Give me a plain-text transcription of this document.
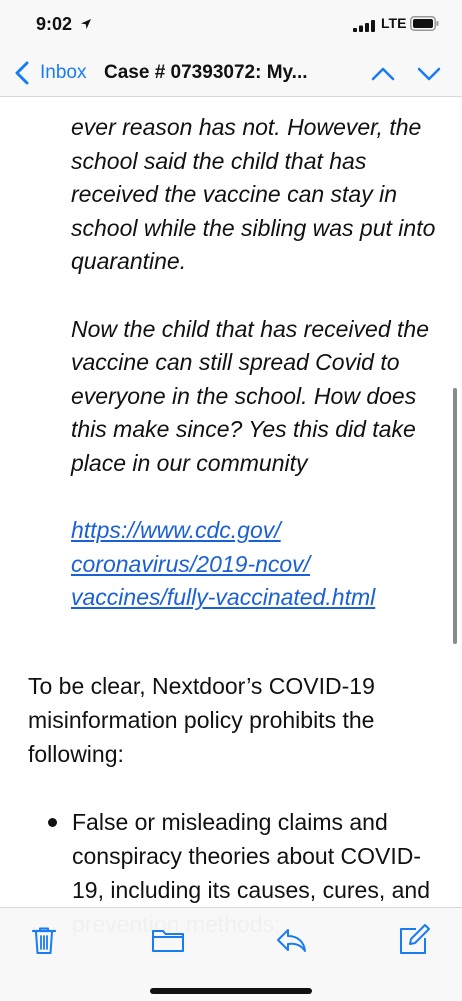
9:02	LTE
Inbox Case # 07393072: My...

ever reason has not. However, the school said the child that has received the vaccine can stay in school while the sibling was put into quarantine.

Now the child that has received the vaccine can still spread Covid to everyone in the school. How does this make since? Yes this did take place in our community

https://www.cdc.gov/
coronavirus/2019-ncov/
vaccines/fully-vaccinated.html

To be clear, Nextdoor’s COVID-19 misinformation policy prohibits the following:

False or misleading claims and conspiracy theories about COVID-19, including its causes, cures, and
